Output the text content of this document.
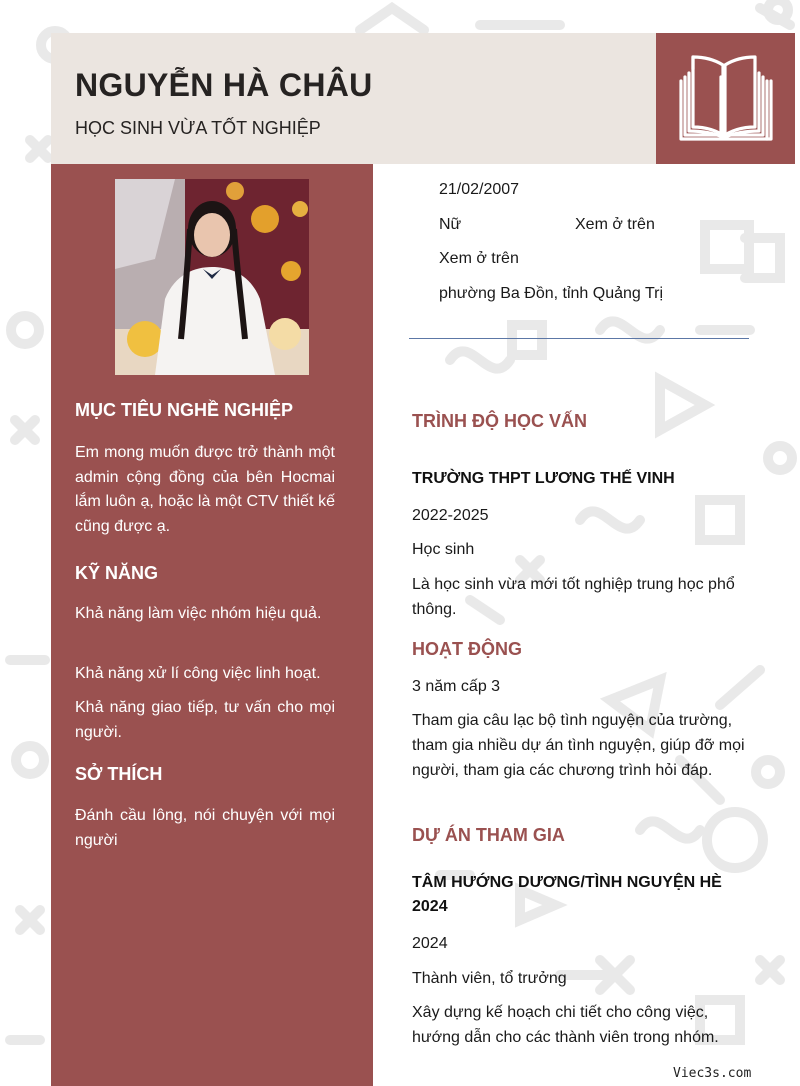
NGUYỄN HÀ CHÂU
HỌC SINH VỪA TỐT NGHIỆP
MỤC TIÊU NGHỀ NGHIỆP
Em mong muốn được trở thành một admin cộng đồng của bên Hocmai lắm luôn ạ, hoặc là một CTV thiết kế cũng được ạ.
KỸ NĂNG
Khả năng làm việc nhóm hiệu quả.
Khả năng xử lí công việc linh hoạt.
Khả năng giao tiếp, tư vấn cho mọi người.
SỞ THÍCH
Đánh cầu lông, nói chuyện với mọi người
21/02/2007
Nữ	Xem ở trên
Xem ở trên
phường Ba Đồn, tỉnh Quảng Trị
TRÌNH ĐỘ HỌC VẤN
TRƯỜNG THPT LƯƠNG THẾ VINH
2022-2025
Học sinh
Là học sinh vừa mới tốt nghiệp trung học phổ thông.
HOẠT ĐỘNG
3 năm cấp 3
Tham gia câu lạc bộ tình nguyện của trường, tham gia nhiều dự án tình nguyện, giúp đỡ mọi người, tham gia các chương trình hỏi đáp.
DỰ ÁN THAM GIA
TÂM HƯỚNG DƯƠNG/TÌNH NGUYỆN HÈ 2024
2024
Thành viên, tổ trưởng
Xây dựng kế hoạch chi tiết cho công việc, hướng dẫn cho các thành viên trong nhóm.
Viec3s.com
